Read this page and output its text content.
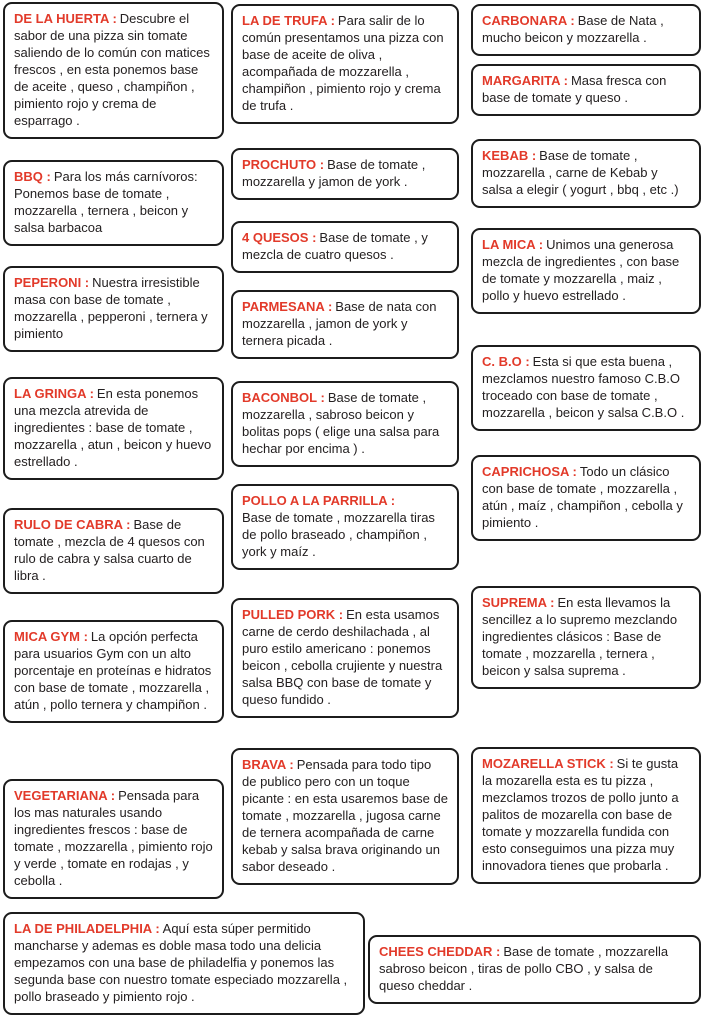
DE LA HUERTA : Descubre el sabor de una pizza sin tomate saliendo de lo común con matices frescos , en esta ponemos base de aceite , queso , champiñon , pimiento rojo y crema de esparrago .
BBQ : Para los más carnívoros: Ponemos base de tomate , mozzarella , ternera , beicon y salsa barbacoa
PEPERONI : Nuestra irresistible masa con base de tomate , mozzarella , pepperoni , ternera y pimiento
LA GRINGA : En esta ponemos una mezcla atrevida de ingredientes : base de tomate , mozzarella , atun , beicon y huevo estrellado .
RULO DE CABRA : Base de tomate , mezcla de 4 quesos con rulo de cabra y salsa cuarto de libra .
MICA GYM : La opción perfecta para usuarios Gym con un alto porcentaje en proteínas e hidratos con base de tomate , mozzarella , atún , pollo ternera y champiñon .
VEGETARIANA : Pensada para los mas naturales usando ingredientes frescos : base de tomate , mozzarella , pimiento rojo y verde , tomate en rodajas , y cebolla .
LA DE PHILADELPHIA : Aquí esta súper permitido mancharse y ademas es doble masa todo una delicia empezamos con una base de philadelfia y ponemos las segunda base con nuestro tomate especiado mozzarella , pollo braseado y pimiento rojo .
LA DE TRUFA : Para salir de lo común presentamos una pizza con base de aceite de oliva , acompañada de mozzarella , champiñon , pimiento rojo y crema de trufa .
PROCHUTO : Base de tomate , mozzarella y jamon de york .
4 QUESOS : Base de tomate , y mezcla de cuatro quesos .
PARMESANA : Base de nata con mozzarella , jamon de york y ternera picada .
BACONBOL : Base de tomate , mozzarella , sabroso beicon y bolitas pops ( elige una salsa para hechar por encima ) .
POLLO A LA PARRILLA :
Base de tomate , mozzarella tiras de pollo braseado , champiñon , york y maíz .
PULLED PORK : En esta usamos carne de cerdo deshilachada , al puro estilo americano : ponemos beicon , cebolla crujiente y nuestra salsa BBQ con base de tomate y queso fundido .
BRAVA : Pensada para todo tipo de publico pero con un toque picante : en esta usaremos base de tomate , mozzarella , jugosa carne de ternera acompañada de carne kebab y salsa brava originando un sabor deseado .
CARBONARA : Base de Nata , mucho beicon y mozzarella .
MARGARITA : Masa fresca con base de tomate y queso .
KEBAB : Base de tomate , mozzarella , carne de Kebab y salsa a elegir ( yogurt , bbq , etc .)
LA MICA : Unimos una generosa mezcla de ingredientes , con base de tomate y mozzarella , maiz , pollo y huevo estrellado .
C. B.O : Esta si que esta buena , mezclamos nuestro famoso C.B.O troceado con base de tomate , mozzarella , beicon y salsa C.B.O .
CAPRICHOSA : Todo un clásico con base de tomate , mozzarella , atún , maíz , champiñon , cebolla y pimiento .
SUPREMA : En esta llevamos la sencillez a lo supremo mezclando ingredientes clásicos : Base de tomate , mozzarella , ternera , beicon y salsa suprema .
MOZARELLA STICK : Si te gusta la mozarella esta es tu pizza , mezclamos trozos de pollo junto a palitos de mozarella con base de tomate y mozzarella fundida con esto conseguimos una pizza muy innovadora tienes que probarla .
CHEES CHEDDAR : Base de tomate , mozzarella sabroso beicon , tiras de pollo CBO , y salsa de queso cheddar .
